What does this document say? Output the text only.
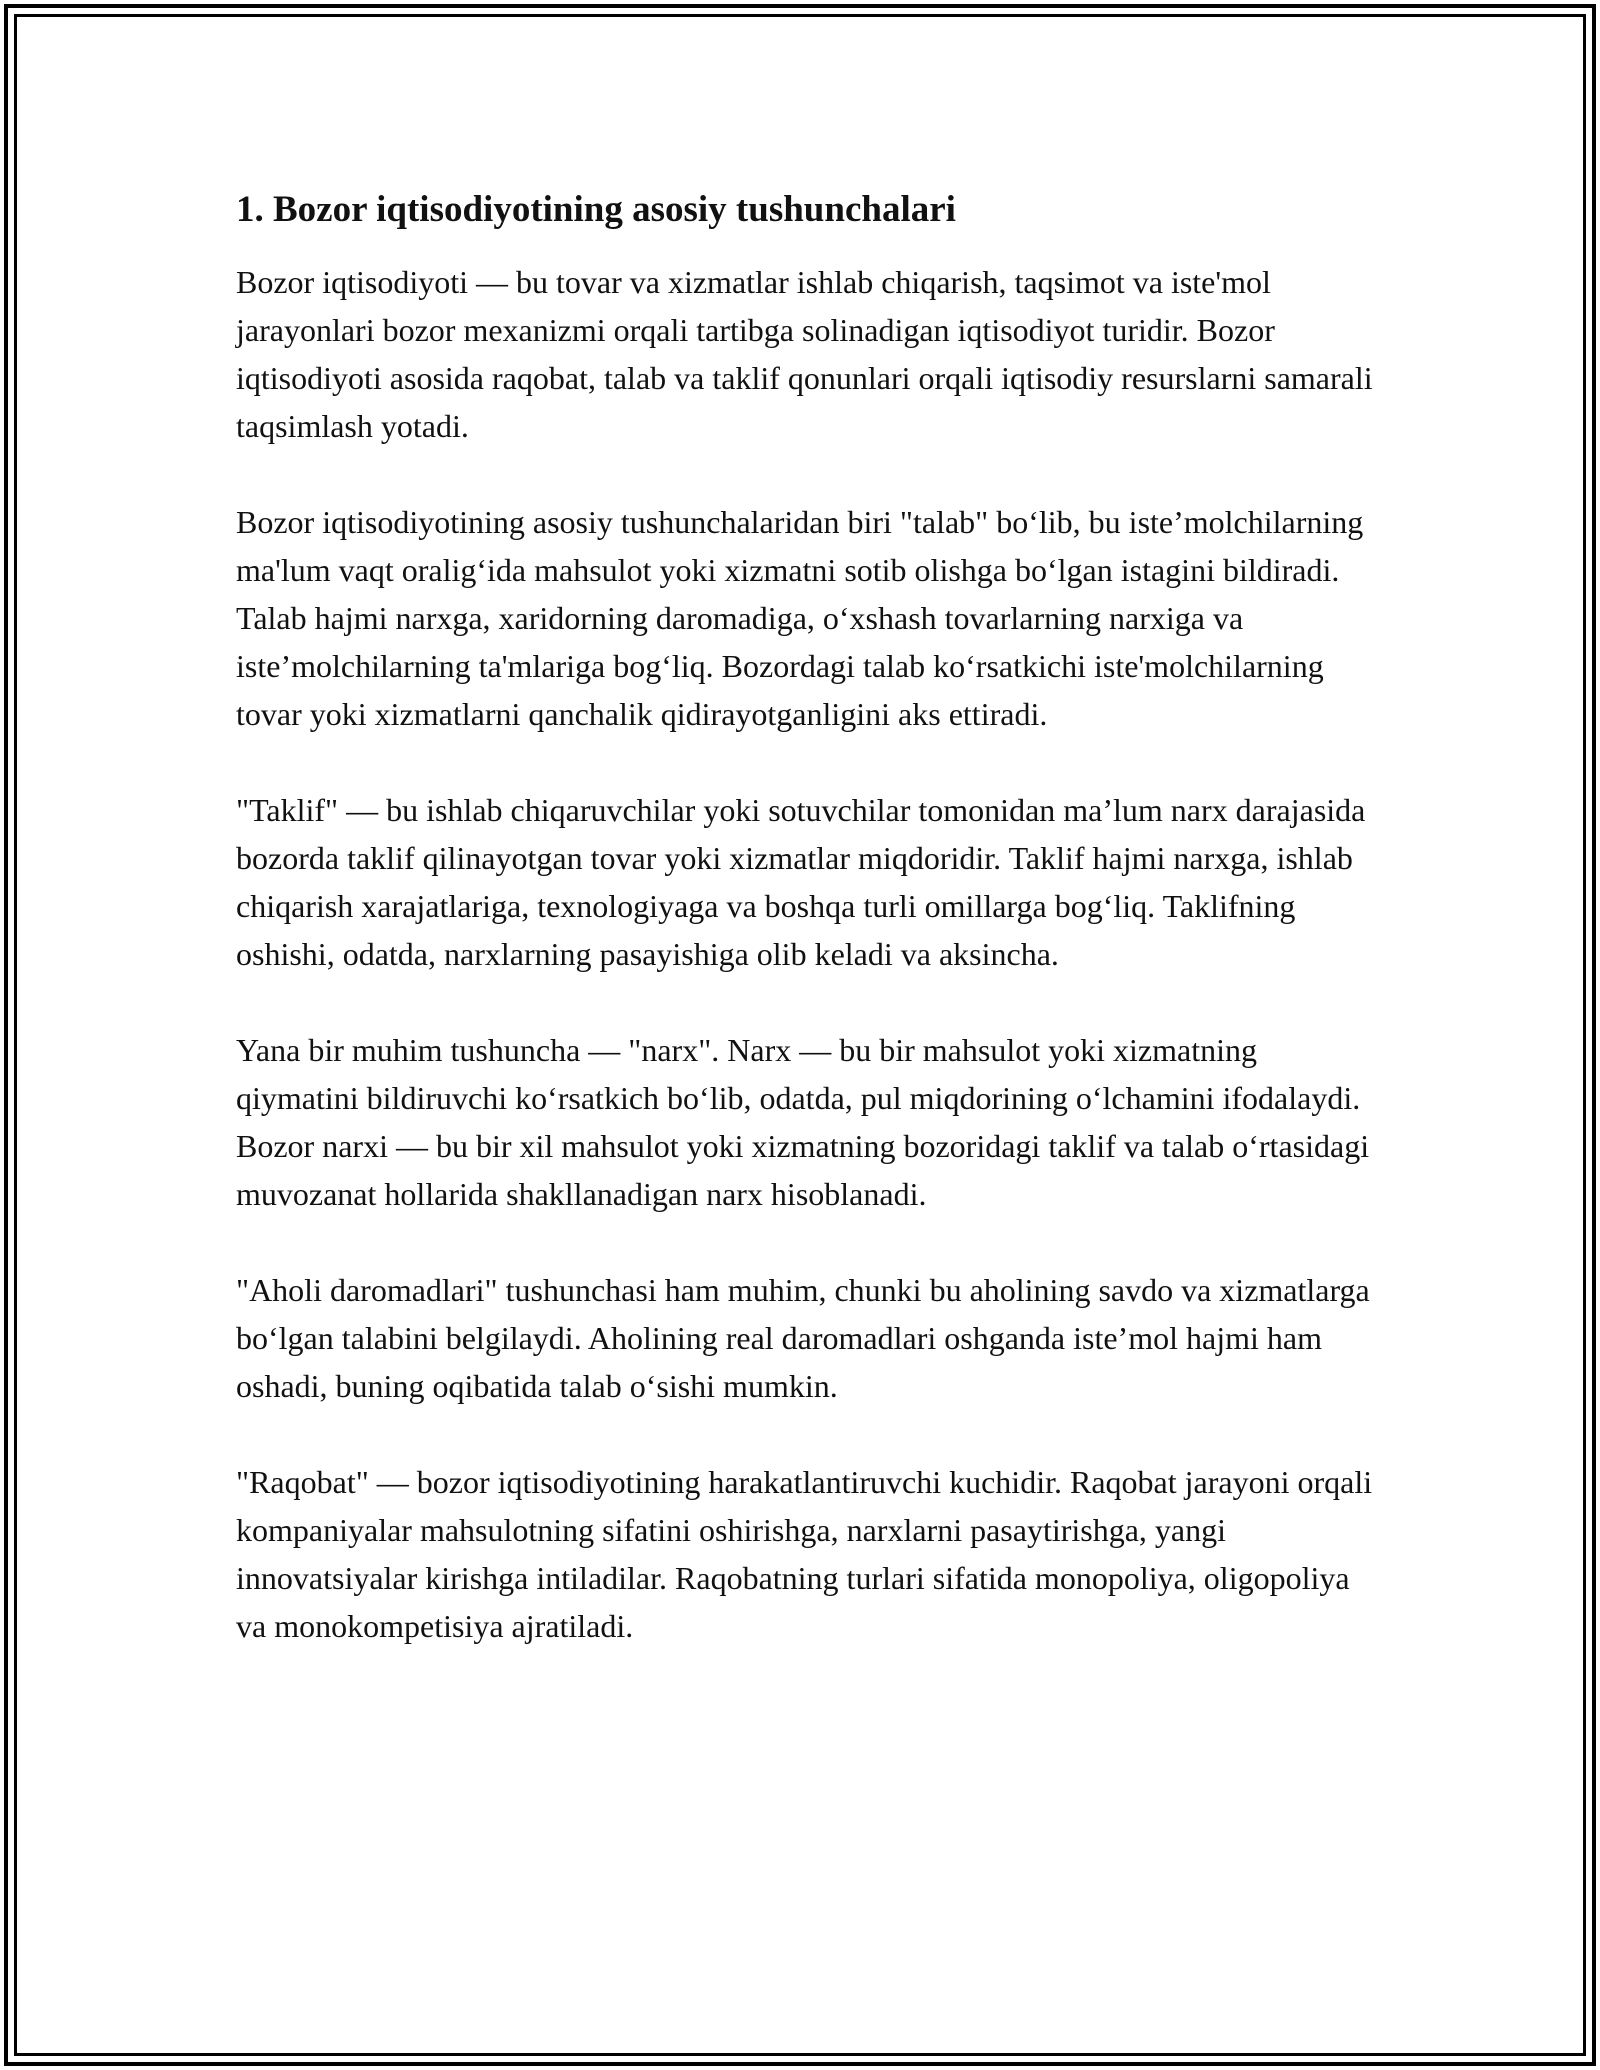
1. Bozor iqtisodiyotining asosiy tushunchalari

Bozor iqtisodiyoti — bu tovar va xizmatlar ishlab chiqarish, taqsimot va iste'mol jarayonlari bozor mexanizmi orqali tartibga solinadigan iqtisodiyot turidir. Bozor iqtisodiyoti asosida raqobat, talab va taklif qonunlari orqali iqtisodiy resurslarni samarali taqsimlash yotadi.

Bozor iqtisodiyotining asosiy tushunchalaridan biri "talab" bo‘lib, bu iste’molchilarning ma'lum vaqt oralig‘ida mahsulot yoki xizmatni sotib olishga bo‘lgan istagini bildiradi. Talab hajmi narxga, xaridorning daromadiga, o‘xshash tovarlarning narxiga va iste’molchilarning ta'mlariga bog‘liq. Bozordagi talab ko‘rsatkichi iste'molchilarning tovar yoki xizmatlarni qanchalik qidirayotganligini aks ettiradi.

"Taklif" — bu ishlab chiqaruvchilar yoki sotuvchilar tomonidan ma’lum narx darajasida bozorda taklif qilinayotgan tovar yoki xizmatlar miqdoridir. Taklif hajmi narxga, ishlab chiqarish xarajatlariga, texnologiyaga va boshqa turli omillarga bog‘liq. Taklifning oshishi, odatda, narxlarning pasayishiga olib keladi va aksincha.

Yana bir muhim tushuncha — "narx". Narx — bu bir mahsulot yoki xizmatning qiymatini bildiruvchi ko‘rsatkich bo‘lib, odatda, pul miqdorining o‘lchamini ifodalaydi. Bozor narxi — bu bir xil mahsulot yoki xizmatning bozoridagi taklif va talab o‘rtasidagi muvozanat hollarida shakllanadigan narx hisoblanadi.

"Aholi daromadlari" tushunchasi ham muhim, chunki bu aholining savdo va xizmatlarga bo‘lgan talabini belgilaydi. Aholining real daromadlari oshganda iste’mol hajmi ham oshadi, buning oqibatida talab o‘sishi mumkin.

"Raqobat" — bozor iqtisodiyotining harakatlantiruvchi kuchidir. Raqobat jarayoni orqali kompaniyalar mahsulotning sifatini oshirishga, narxlarni pasaytirishga, yangi innovatsiyalar kirishga intiladilar. Raqobatning turlari sifatida monopoliya, oligopoliya va monokompetisiya ajratiladi.
